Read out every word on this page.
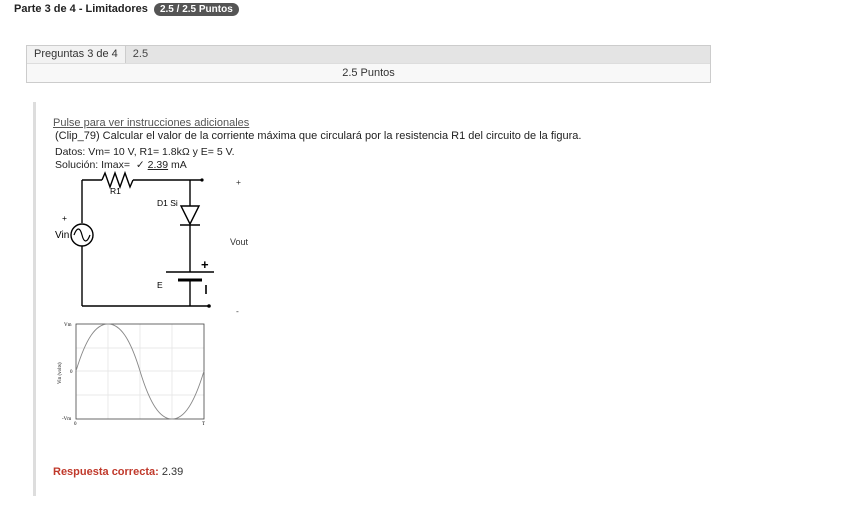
Parte 3 de 4 - Limitadores 2.5 / 2.5 Puntos
Preguntas 3 de 4	2.5
2.5 Puntos
Pulse para ver instrucciones adicionales
(Clip_79) Calcular el valor de la corriente máxima que circulará por la resistencia R1 del circuito de la figura.
Datos: Vm= 10 V, R1= 1.8kΩ y E= 5 V.
Solución: Imax= ✓ 2.39 mA
R1
+
Vin
D1 Si
+
E
+
Vout
-
Vm
0
-Vm
0	T
Vin (volts)
Respuesta correcta: 2.39
